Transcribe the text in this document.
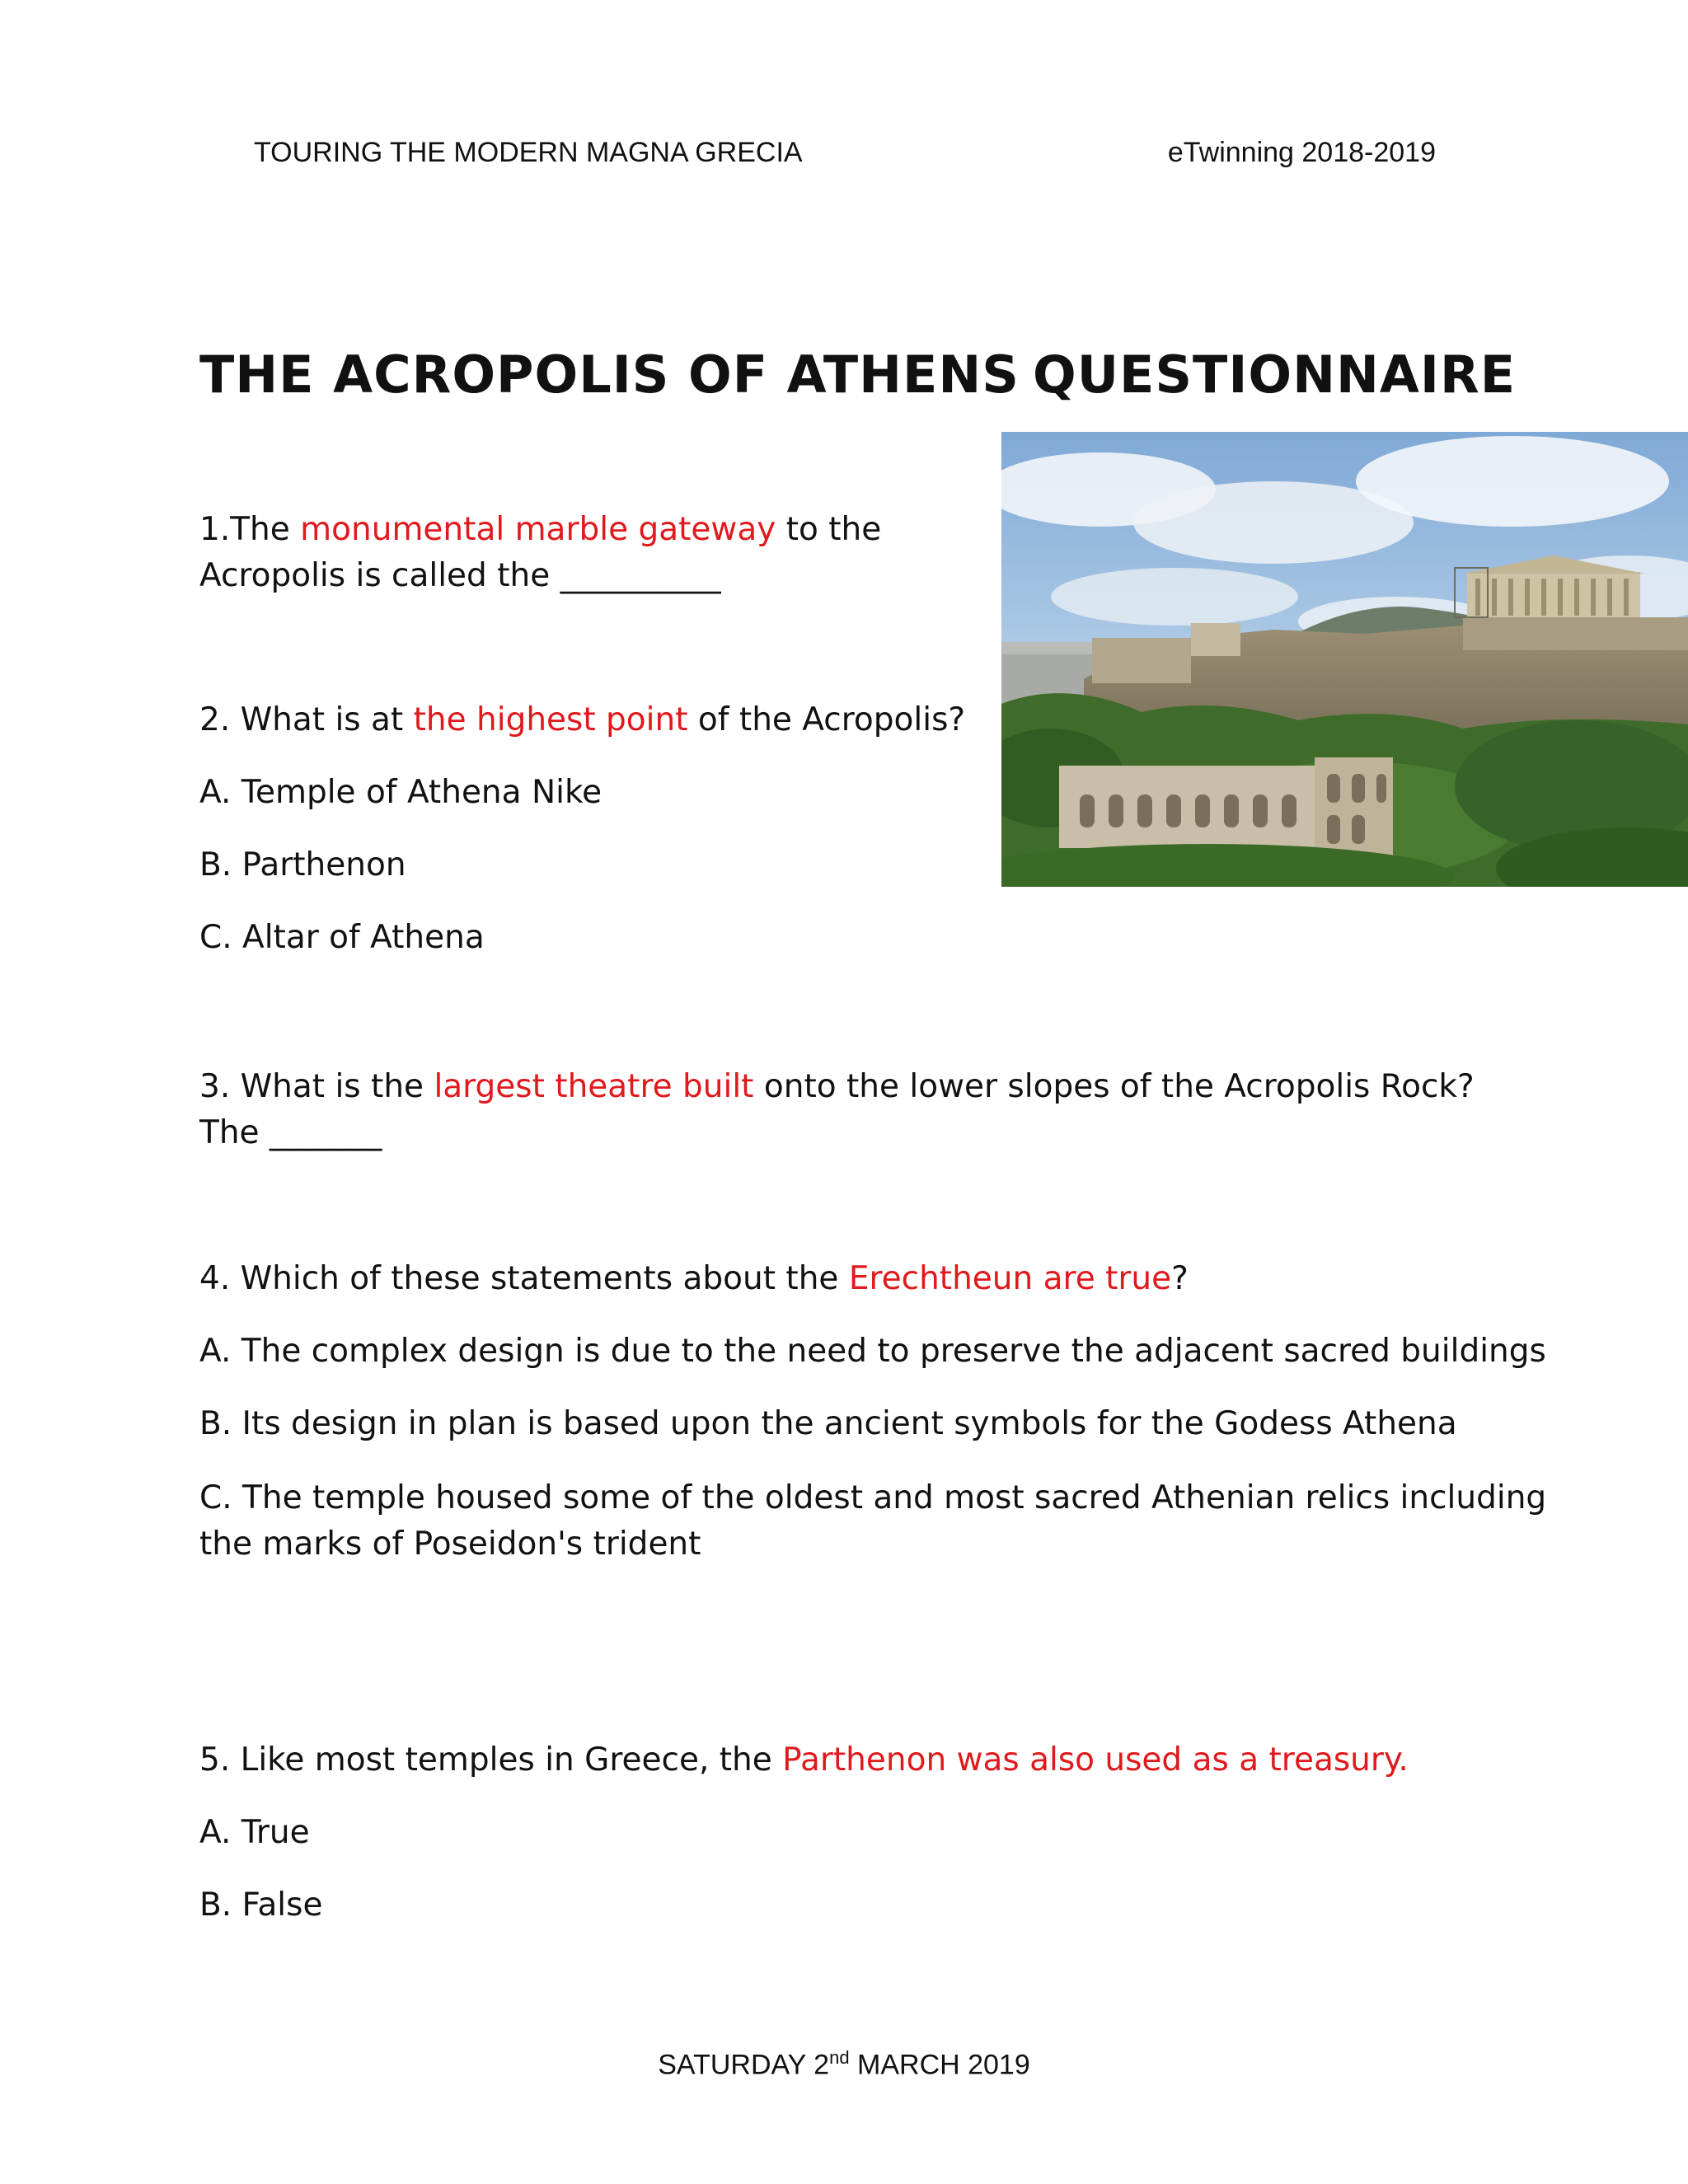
TOURING THE MODERN MAGNA GRECIA	eTwinning 2018-2019
THE ACROPOLIS OF ATHENS QUESTIONNAIRE
1.The monumental marble gateway to the
Acropolis is called the __________
2. What is at the highest point of the Acropolis?
A. Temple of Athena Nike
B. Parthenon
C. Altar of Athena
3. What is the largest theatre built onto the lower slopes of the Acropolis Rock?
The _______
4. Which of these statements about the Erechtheun are true?
A. The complex design is due to the need to preserve the adjacent sacred buildings
B. Its design in plan is based upon the ancient symbols for the Godess Athena
C. The temple housed some of the oldest and most sacred Athenian relics including
the marks of Poseidon's trident
5. Like most temples in Greece, the Parthenon was also used as a treasury.
A. True
B. False
SATURDAY 2nd MARCH 2019
